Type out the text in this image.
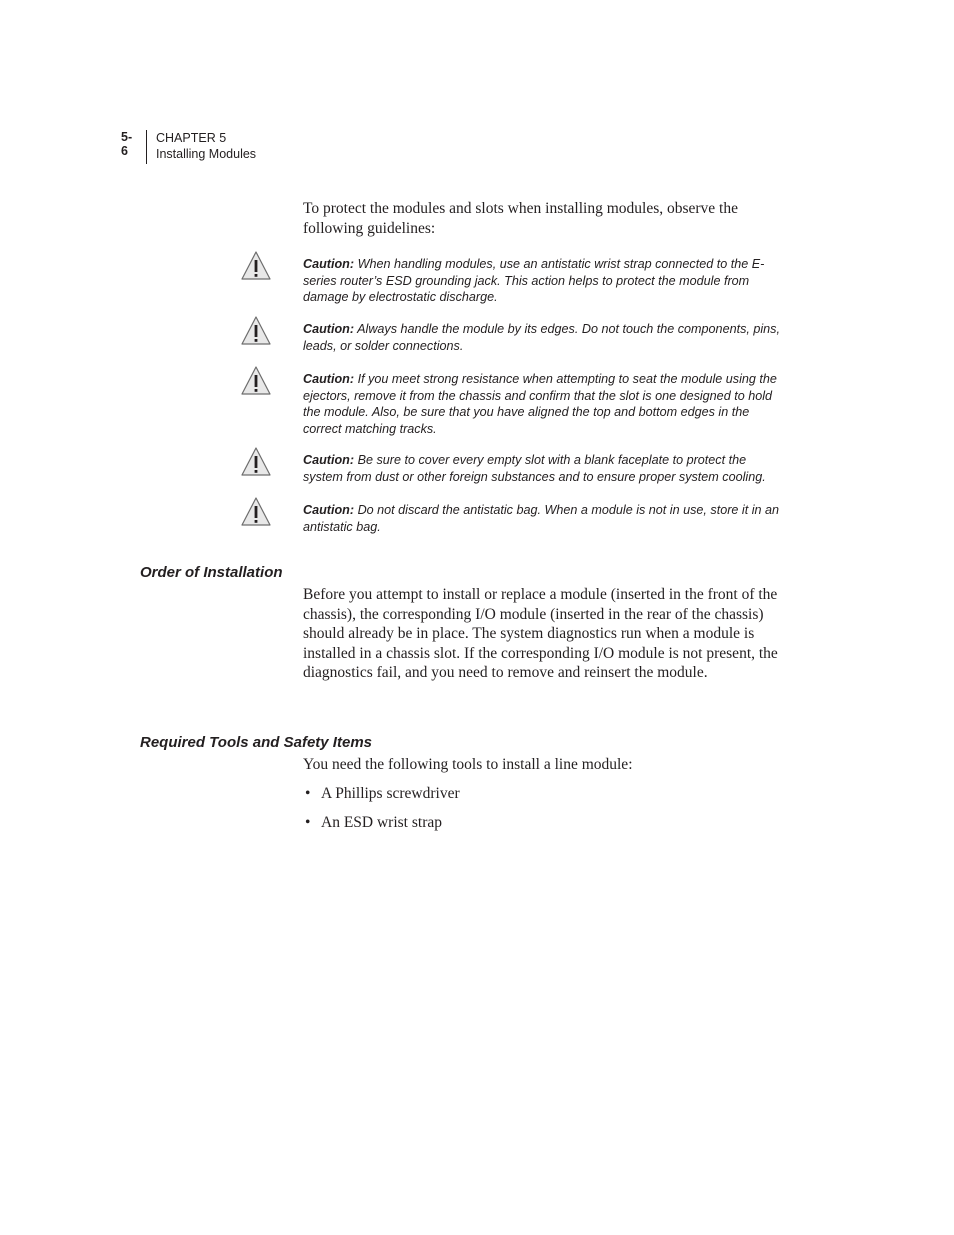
5-6
CHAPTER 5
Installing Modules
To protect the modules and slots when installing modules, observe the following guidelines:
Caution: When handling modules, use an antistatic wrist strap connected to the E-series router’s ESD grounding jack. This action helps to protect the module from damage by electrostatic discharge.
Caution: Always handle the module by its edges. Do not touch the components, pins, leads, or solder connections.
Caution: If you meet strong resistance when attempting to seat the module using the ejectors, remove it from the chassis and confirm that the slot is one designed to hold the module. Also, be sure that you have aligned the top and bottom edges in the correct matching tracks.
Caution: Be sure to cover every empty slot with a blank faceplate to protect the system from dust or other foreign substances and to ensure proper system cooling.
Caution: Do not discard the antistatic bag. When a module is not in use, store it in an antistatic bag.
Order of Installation
Before you attempt to install or replace a module (inserted in the front of the chassis), the corresponding I/O module (inserted in the rear of the chassis) should already be in place. The system diagnostics run when a module is installed in a chassis slot. If the corresponding I/O module is not present, the diagnostics fail, and you need to remove and reinsert the module.
Required Tools and Safety Items
You need the following tools to install a line module:
• A Phillips screwdriver
• An ESD wrist strap
